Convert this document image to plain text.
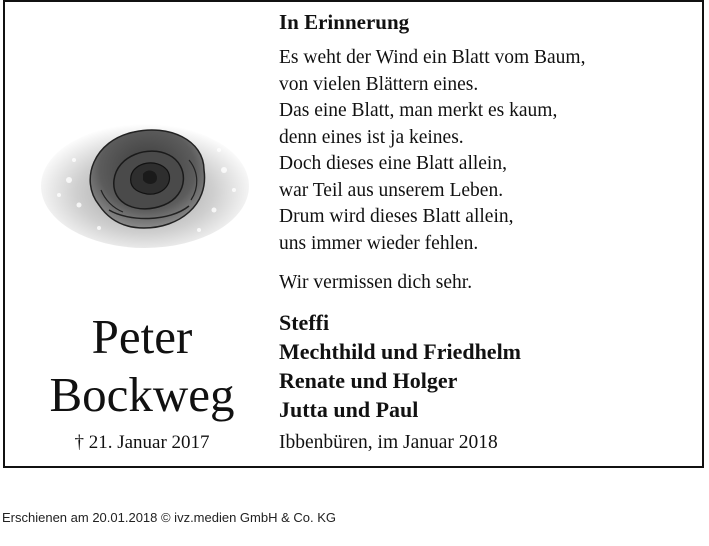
Peter
Bockweg
† 21. Januar 2017
In Erinnerung
Es weht der Wind ein Blatt vom Baum,
von vielen Blättern eines.
Das eine Blatt, man merkt es kaum,
denn eines ist ja keines.
Doch dieses eine Blatt allein,
war Teil aus unserem Leben.
Drum wird dieses Blatt allein,
uns immer wieder fehlen.
Wir vermissen dich sehr.
Steffi
Mechthild und Friedhelm
Renate und Holger
Jutta und Paul
Ibbenbüren, im Januar 2018
Erschienen am 20.01.2018 © ivz.medien GmbH & Co. KG
